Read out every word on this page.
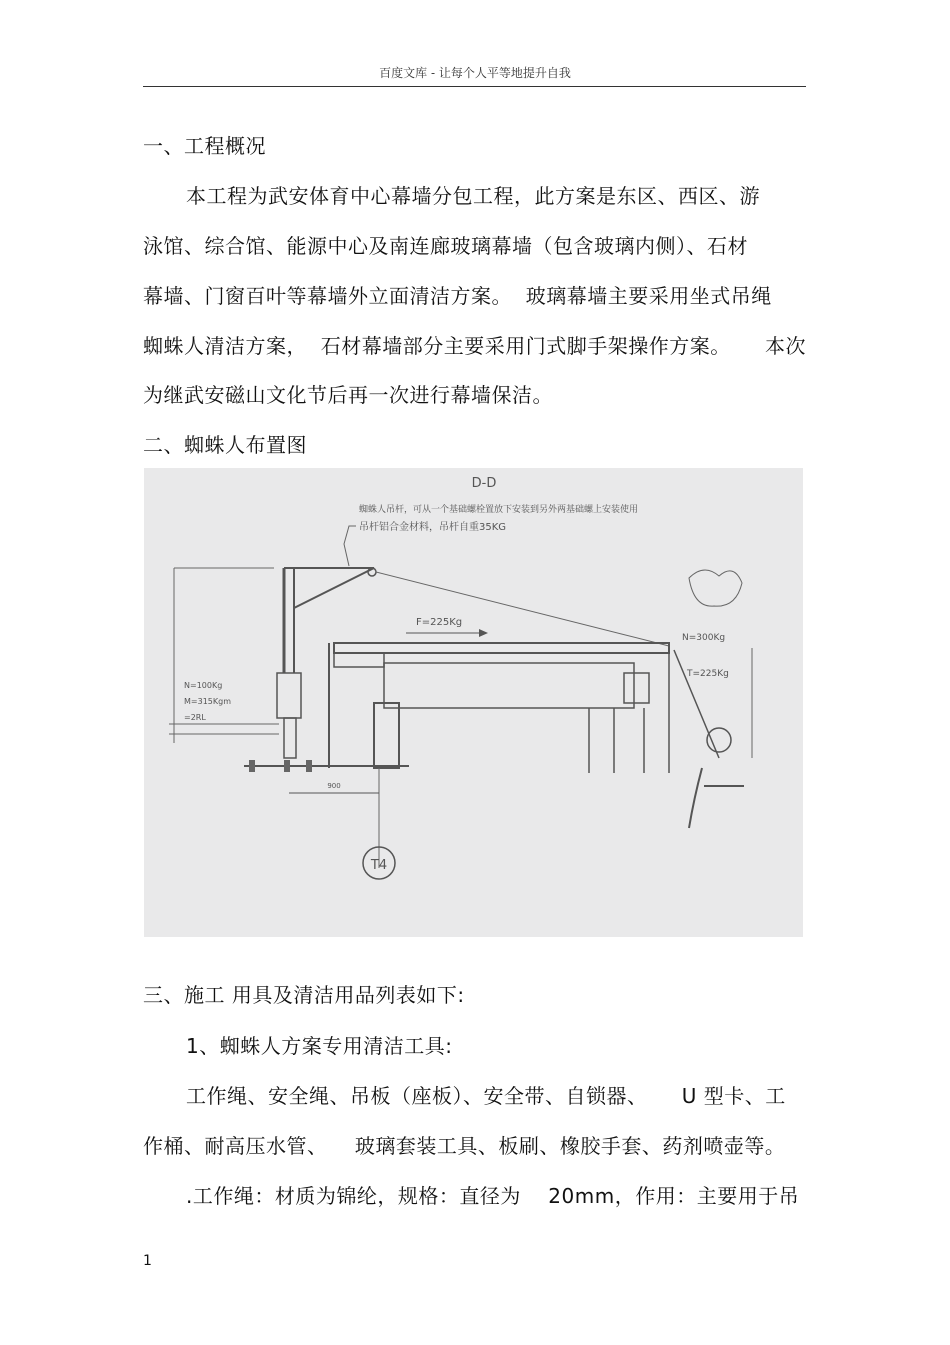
百度文库 - 让每个人平等地提升自我
一、工程概况
本工程为武安体育中心幕墙分包工程，此方案是东区、西区、游
泳馆、综合馆、能源中心及南连廊玻璃幕墙（包含玻璃内侧）、石材
幕墙、门窗百叶等幕墙外立面清洁方案。  玻璃幕墙主要采用坐式吊绳
蜘蛛人清洁方案，  石材幕墙部分主要采用门式脚手架操作方案。     本次
为继武安磁山文化节后再一次进行幕墙保洁。
二、蜘蛛人布置图
D-D
蜘蛛人吊杆，可从一个基础螺栓置放下安装到另外两基础螺上安装使用
吊杆铝合金材料，吊杆自重35KG
N=100Kg
M=315Kgm
=2RL
F=225Kg
T4
900
N=300Kg
T=225Kg
三、施工 用具及清洁用品列表如下:
1、蜘蛛人方案专用清洁工具:
工作绳、安全绳、吊板（座板）、安全带、自锁器、     U 型卡、工
作桶、耐高压水管、    玻璃套装工具、板刷、橡胶手套、药剂喷壶等。
.工作绳：材质为锦纶，规格：直径为    20mm，作用：主要用于吊
1
